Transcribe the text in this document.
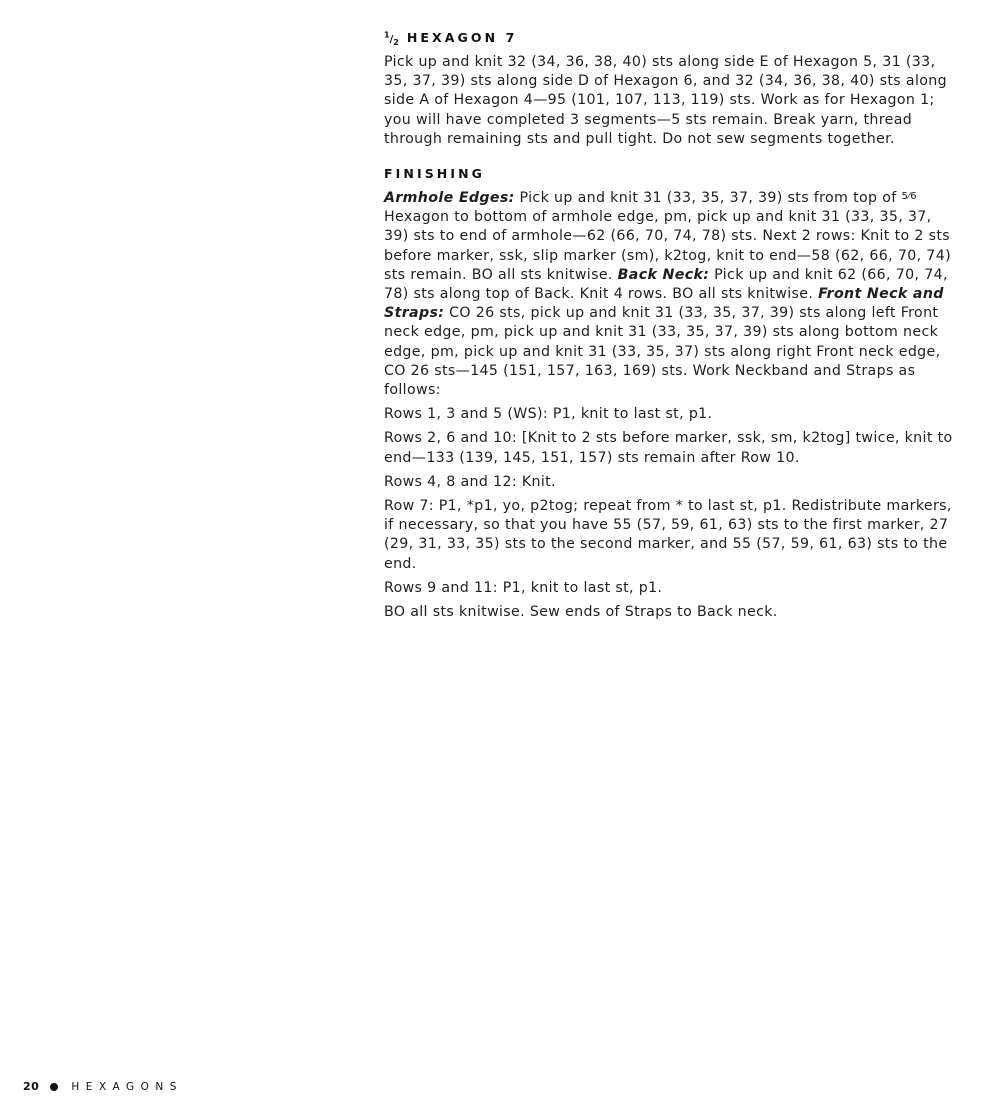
$^1/_2$ HEXAGON 7

Pick up and knit 32 (34, 36, 38, 40) sts along side E of Hexagon 5, 31 (33, 35, 37, 39) sts along side D of Hexagon 6, and 32 (34, 36, 38, 40) sts along side A of Hexagon 4—95 (101, 107, 113, 119) sts. Work as for Hexagon 1; you will have completed 3 segments—5 sts remain. Break yarn, thread through remaining sts and pull tight. Do not sew segments together.

FINISHING

Armhole Edges: Pick up and knit 31 (33, 35, 37, 39) sts from top of $^{5⁄6}$ Hexagon to bottom of armhole edge, pm, pick up and knit 31 (33, 35, 37, 39) sts to end of armhole—62 (66, 70, 74, 78) sts. Next 2 rows: Knit to 2 sts before marker, ssk, slip marker (sm), k2tog, knit to end—58 (62, 66, 70, 74) sts remain. BO all sts knitwise. Back Neck: Pick up and knit 62 (66, 70, 74, 78) sts along top of Back. Knit 4 rows. BO all sts knitwise. Front Neck and Straps: CO 26 sts, pick up and knit 31 (33, 35, 37, 39) sts along left Front neck edge, pm, pick up and knit 31 (33, 35, 37, 39) sts along bottom neck edge, pm, pick up and knit 31 (33, 35, 37) sts along right Front neck edge, CO 26 sts—145 (151, 157, 163, 169) sts. Work Neckband and Straps as follows:

Rows 1, 3 and 5 (WS): P1, knit to last st, p1.

Rows 2, 6 and 10: [Knit to 2 sts before marker, ssk, sm, k2tog] twice, knit to end—133 (139, 145, 151, 157) sts remain after Row 10.

Rows 4, 8 and 12: Knit.

Row 7: P1, *p1, yo, p2tog; repeat from * to last st, p1. Redistribute markers, if necessary, so that you have 55 (57, 59, 61, 63) sts to the first marker, 27 (29, 31, 33, 35) sts to the second marker, and 55 (57, 59, 61, 63) sts to the end.

Rows 9 and 11: P1, knit to last st, p1.

BO all sts knitwise. Sew ends of Straps to Back neck.

20	HEXAGONS
